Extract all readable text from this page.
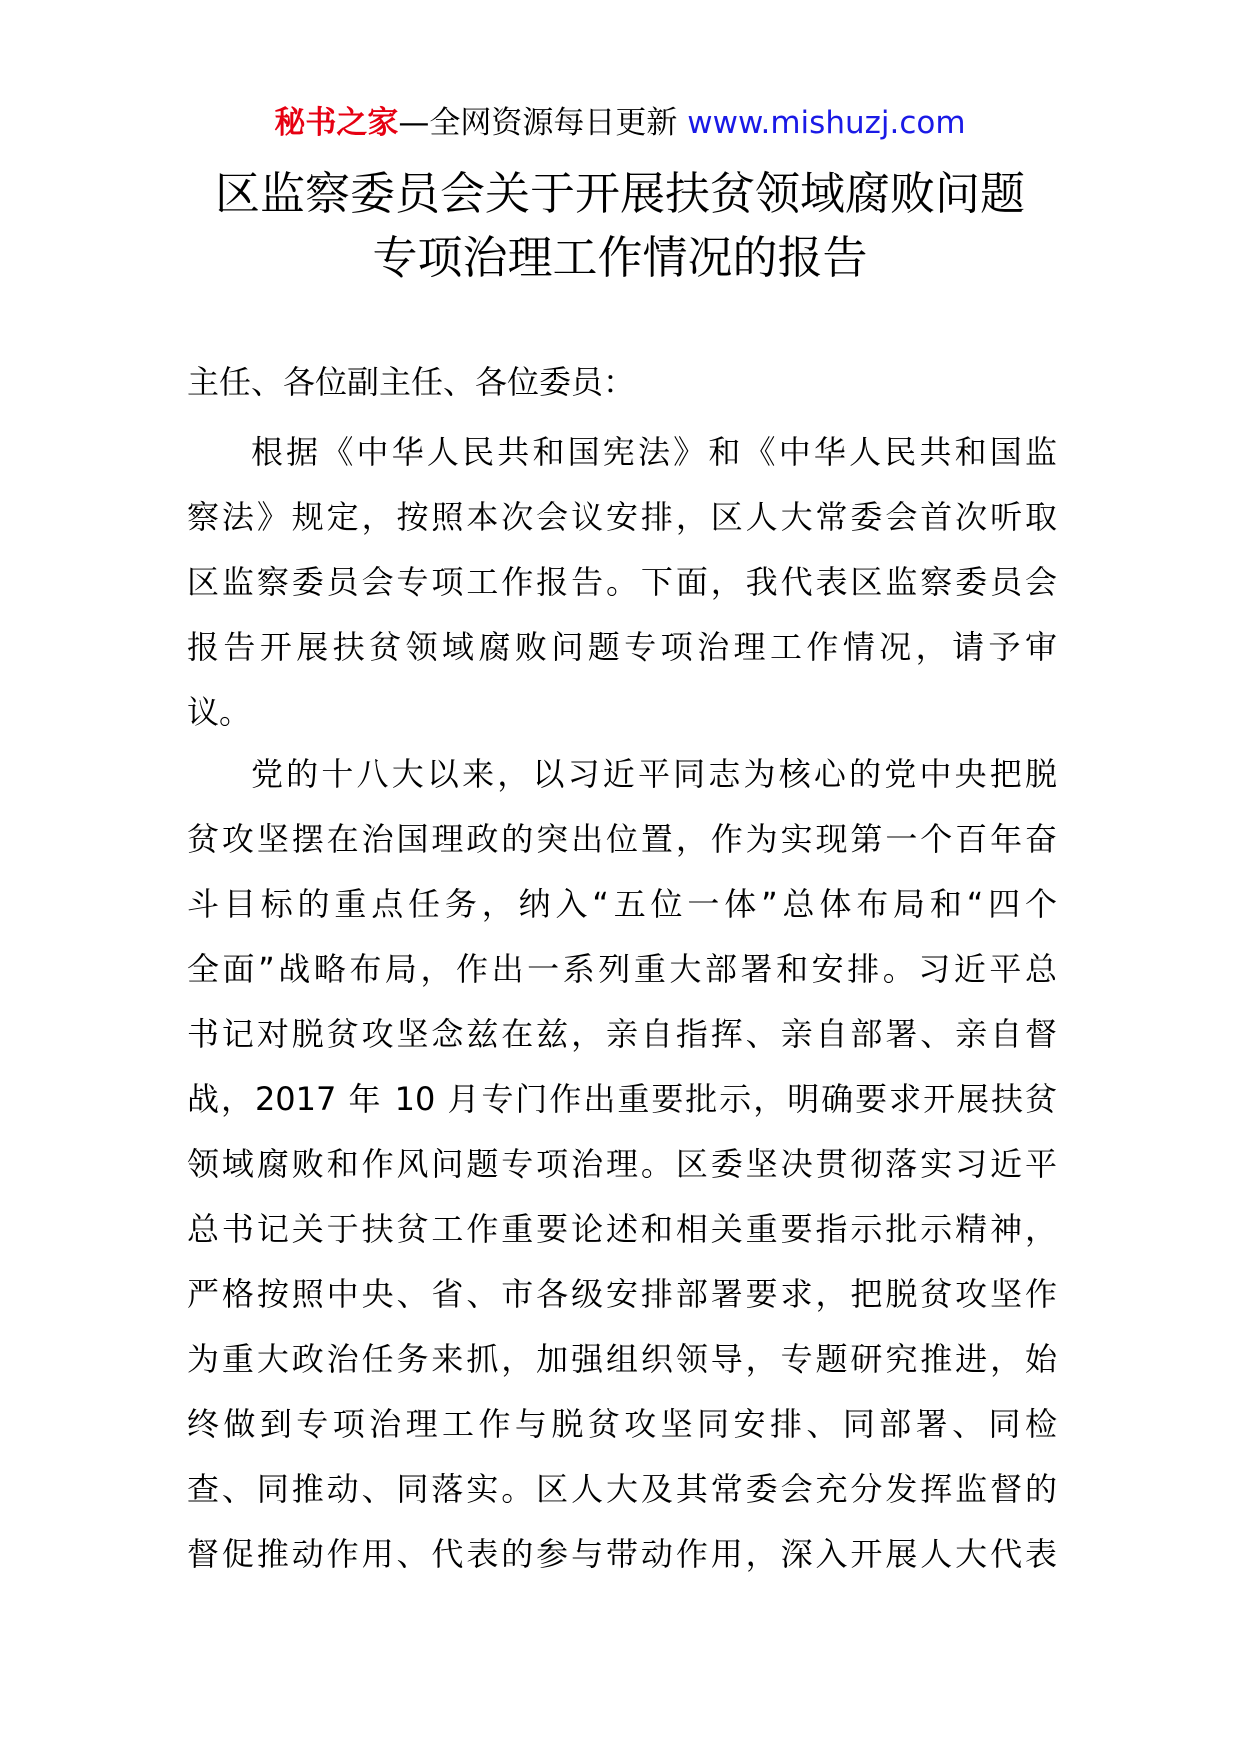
秘书之家—全网资源每日更新 www.mishuzj.com
区监察委员会关于开展扶贫领域腐败问题
专项治理工作情况的报告

主任、各位副主任、各位委员：

根据《中华人民共和国宪法》和《中华人民共和国监
察法》规定，按照本次会议安排，区人大常委会首次听取
区监察委员会专项工作报告。下面，我代表区监察委员会
报告开展扶贫领域腐败问题专项治理工作情况，请予审
议。

党的十八大以来，以习近平同志为核心的党中央把脱
贫攻坚摆在治国理政的突出位置，作为实现第一个百年奋
斗目标的重点任务，纳入“五位一体”总体布局和“四个
全面”战略布局，作出一系列重大部署和安排。习近平总
书记对脱贫攻坚念兹在兹，亲自指挥、亲自部署、亲自督
战，2017 年 10 月专门作出重要批示，明确要求开展扶贫
领域腐败和作风问题专项治理。区委坚决贯彻落实习近平
总书记关于扶贫工作重要论述和相关重要指示批示精神，
严格按照中央、省、市各级安排部署要求，把脱贫攻坚作
为重大政治任务来抓，加强组织领导，专题研究推进，始
终做到专项治理工作与脱贫攻坚同安排、同部署、同检
查、同推动、同落实。区人大及其常委会充分发挥监督的
督促推动作用、代表的参与带动作用，深入开展人大代表
